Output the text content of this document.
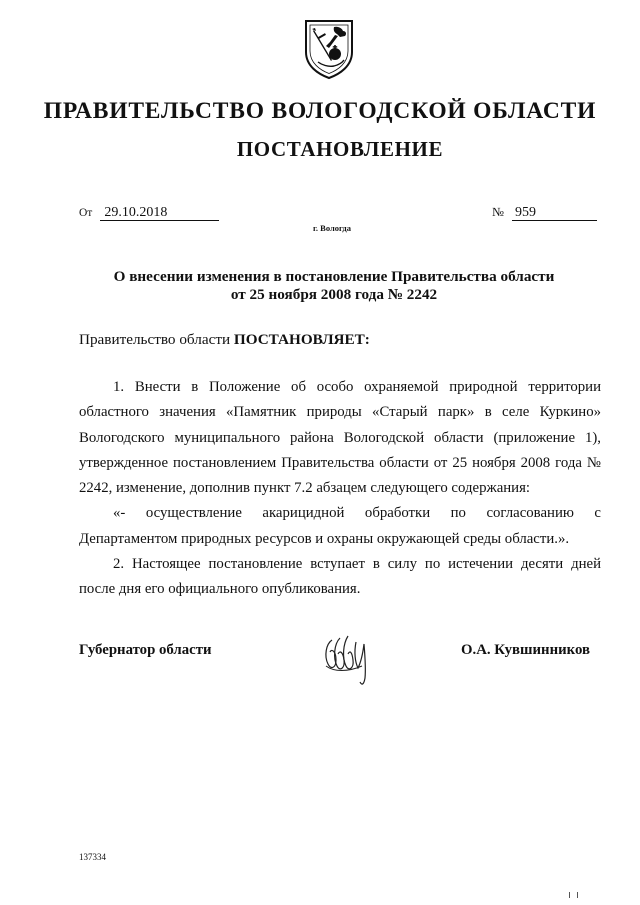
ПРАВИТЕЛЬСТВО ВОЛОГОДСКОЙ ОБЛАСТИ
ПОСТАНОВЛЕНИЕ
От 29.10.2018	№ 959
г. Вологда
О внесении изменения в постановление Правительства области
от 25 ноября 2008 года № 2242
Правительство области ПОСТАНОВЛЯЕТ:

1. Внести в Положение об особо охраняемой природной территории областного значения «Памятник природы «Старый парк» в селе Куркино» Вологодского муниципального района Вологодской области (приложение 1), утвержденное постановлением Правительства области от 25 ноября 2008 года № 2242, изменение, дополнив пункт 7.2 абзацем следующего содержания:

«- осуществление акарицидной обработки по согласованию с Департаментом природных ресурсов и охраны окружающей среды области.».

2. Настоящее постановление вступает в силу по истечении десяти дней после дня его официального опубликования.

Губернатор области	О.А. Кувшинников
137334
